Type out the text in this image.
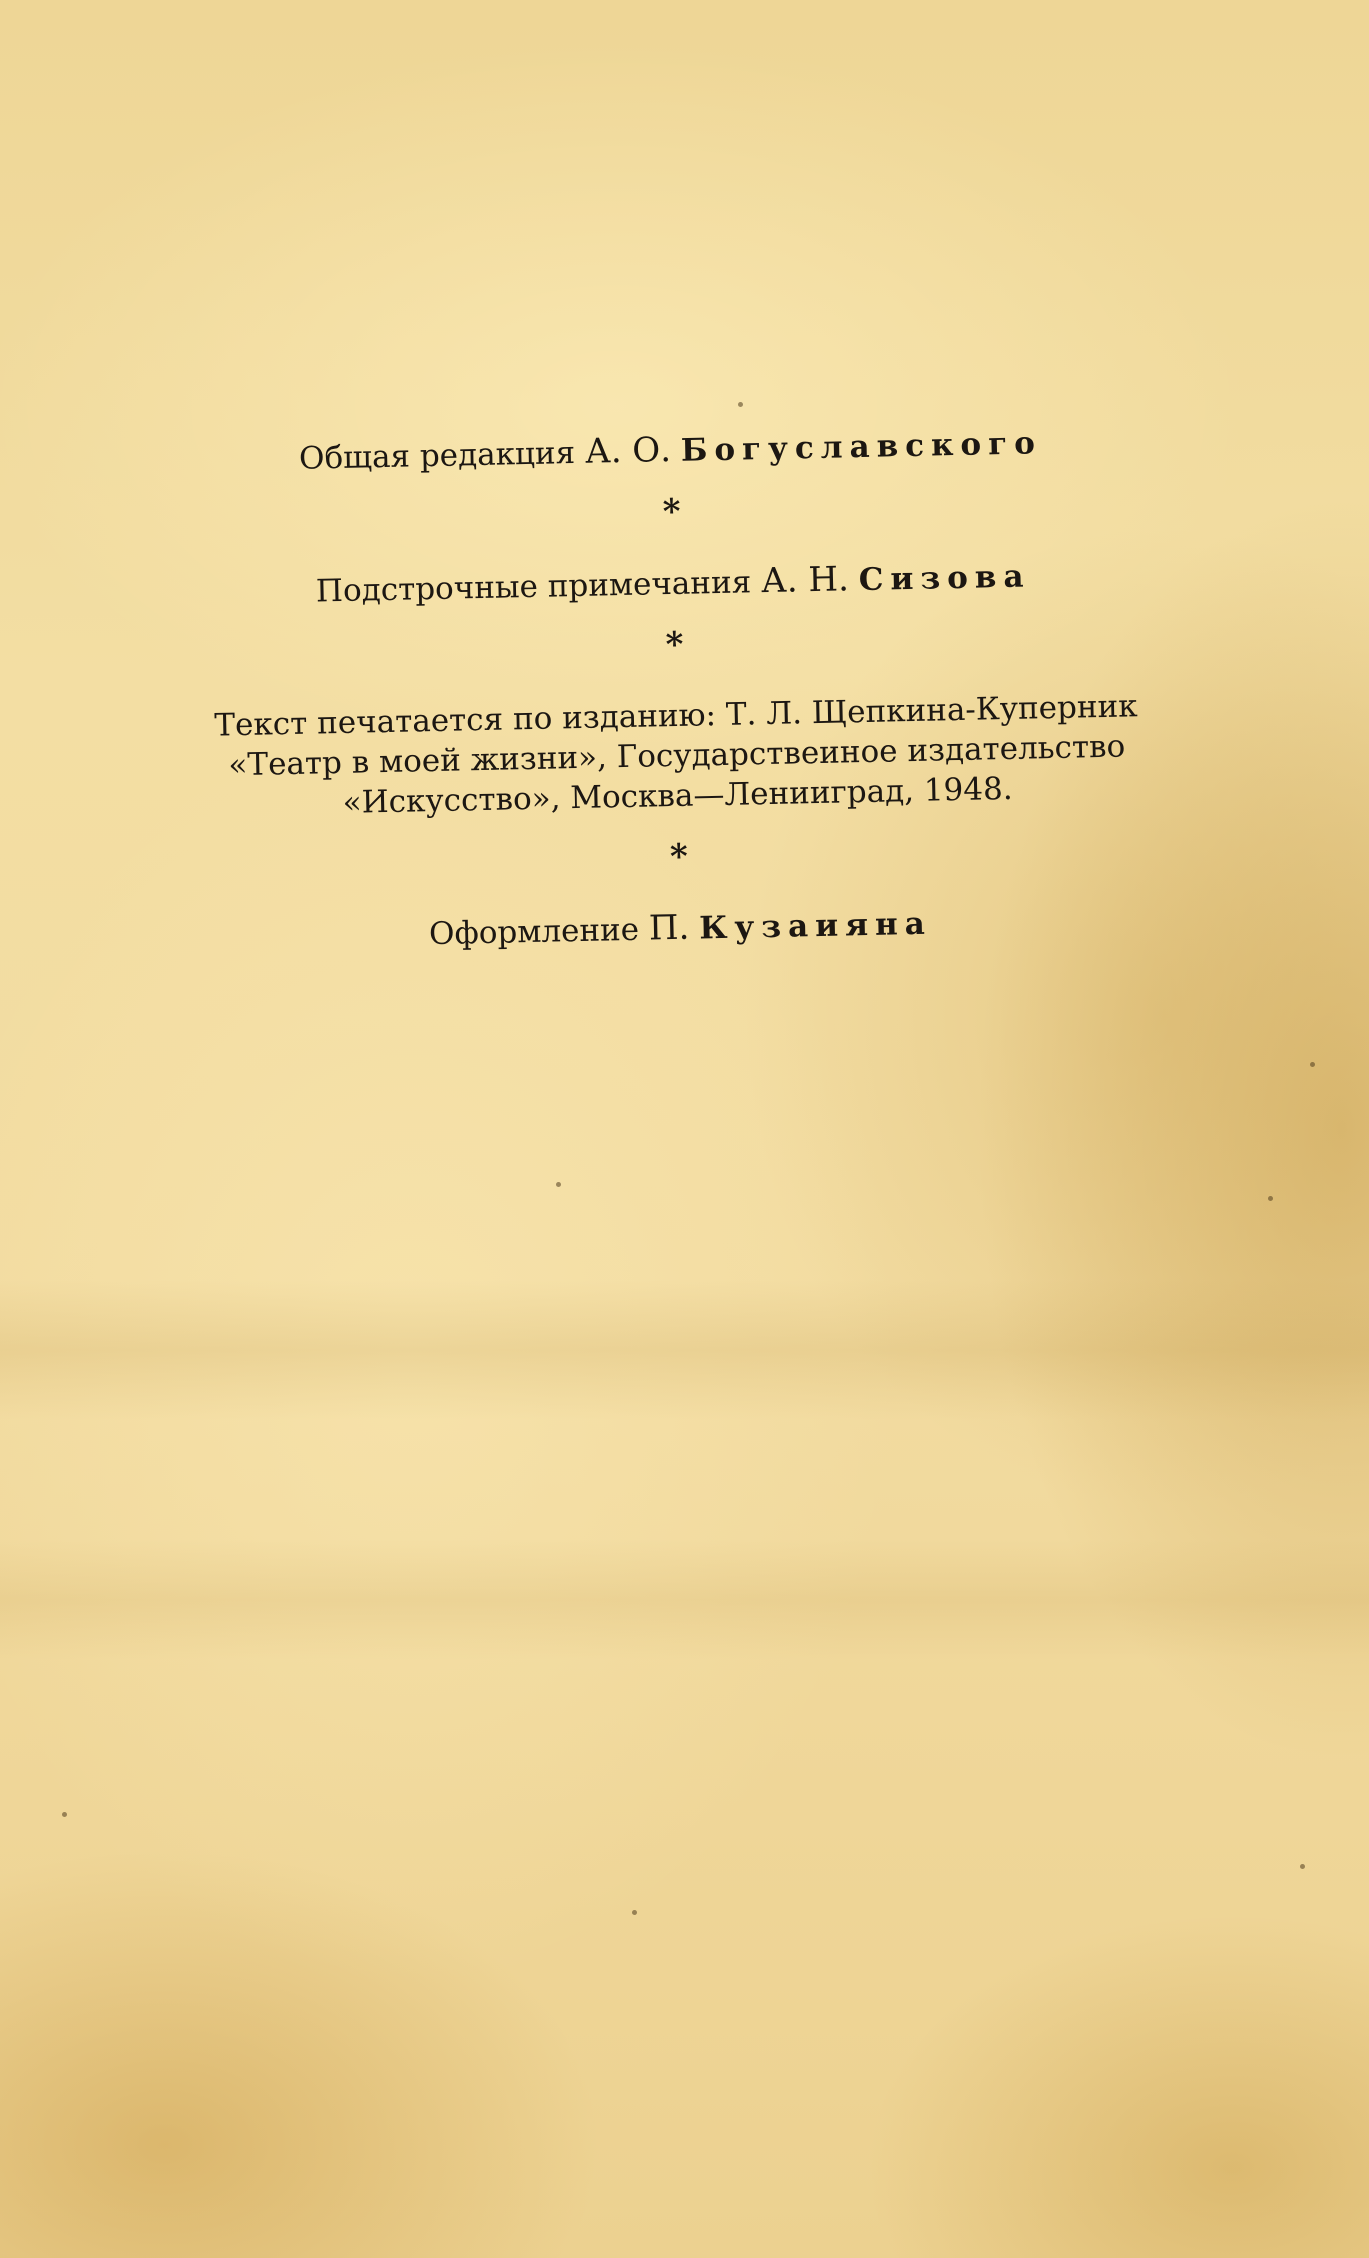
Общая редакция А. О. Богуславского
*
Подстрочные примечания А. Н. Сизова
*
Текст печатается по изданию: Т. Л. Щепкина-Куперник
«Театр в моей жизни», Государствеиное издательство
«Искусство», Москва—Лениигpад, 1948.
*
Оформление П. Кузаияна
